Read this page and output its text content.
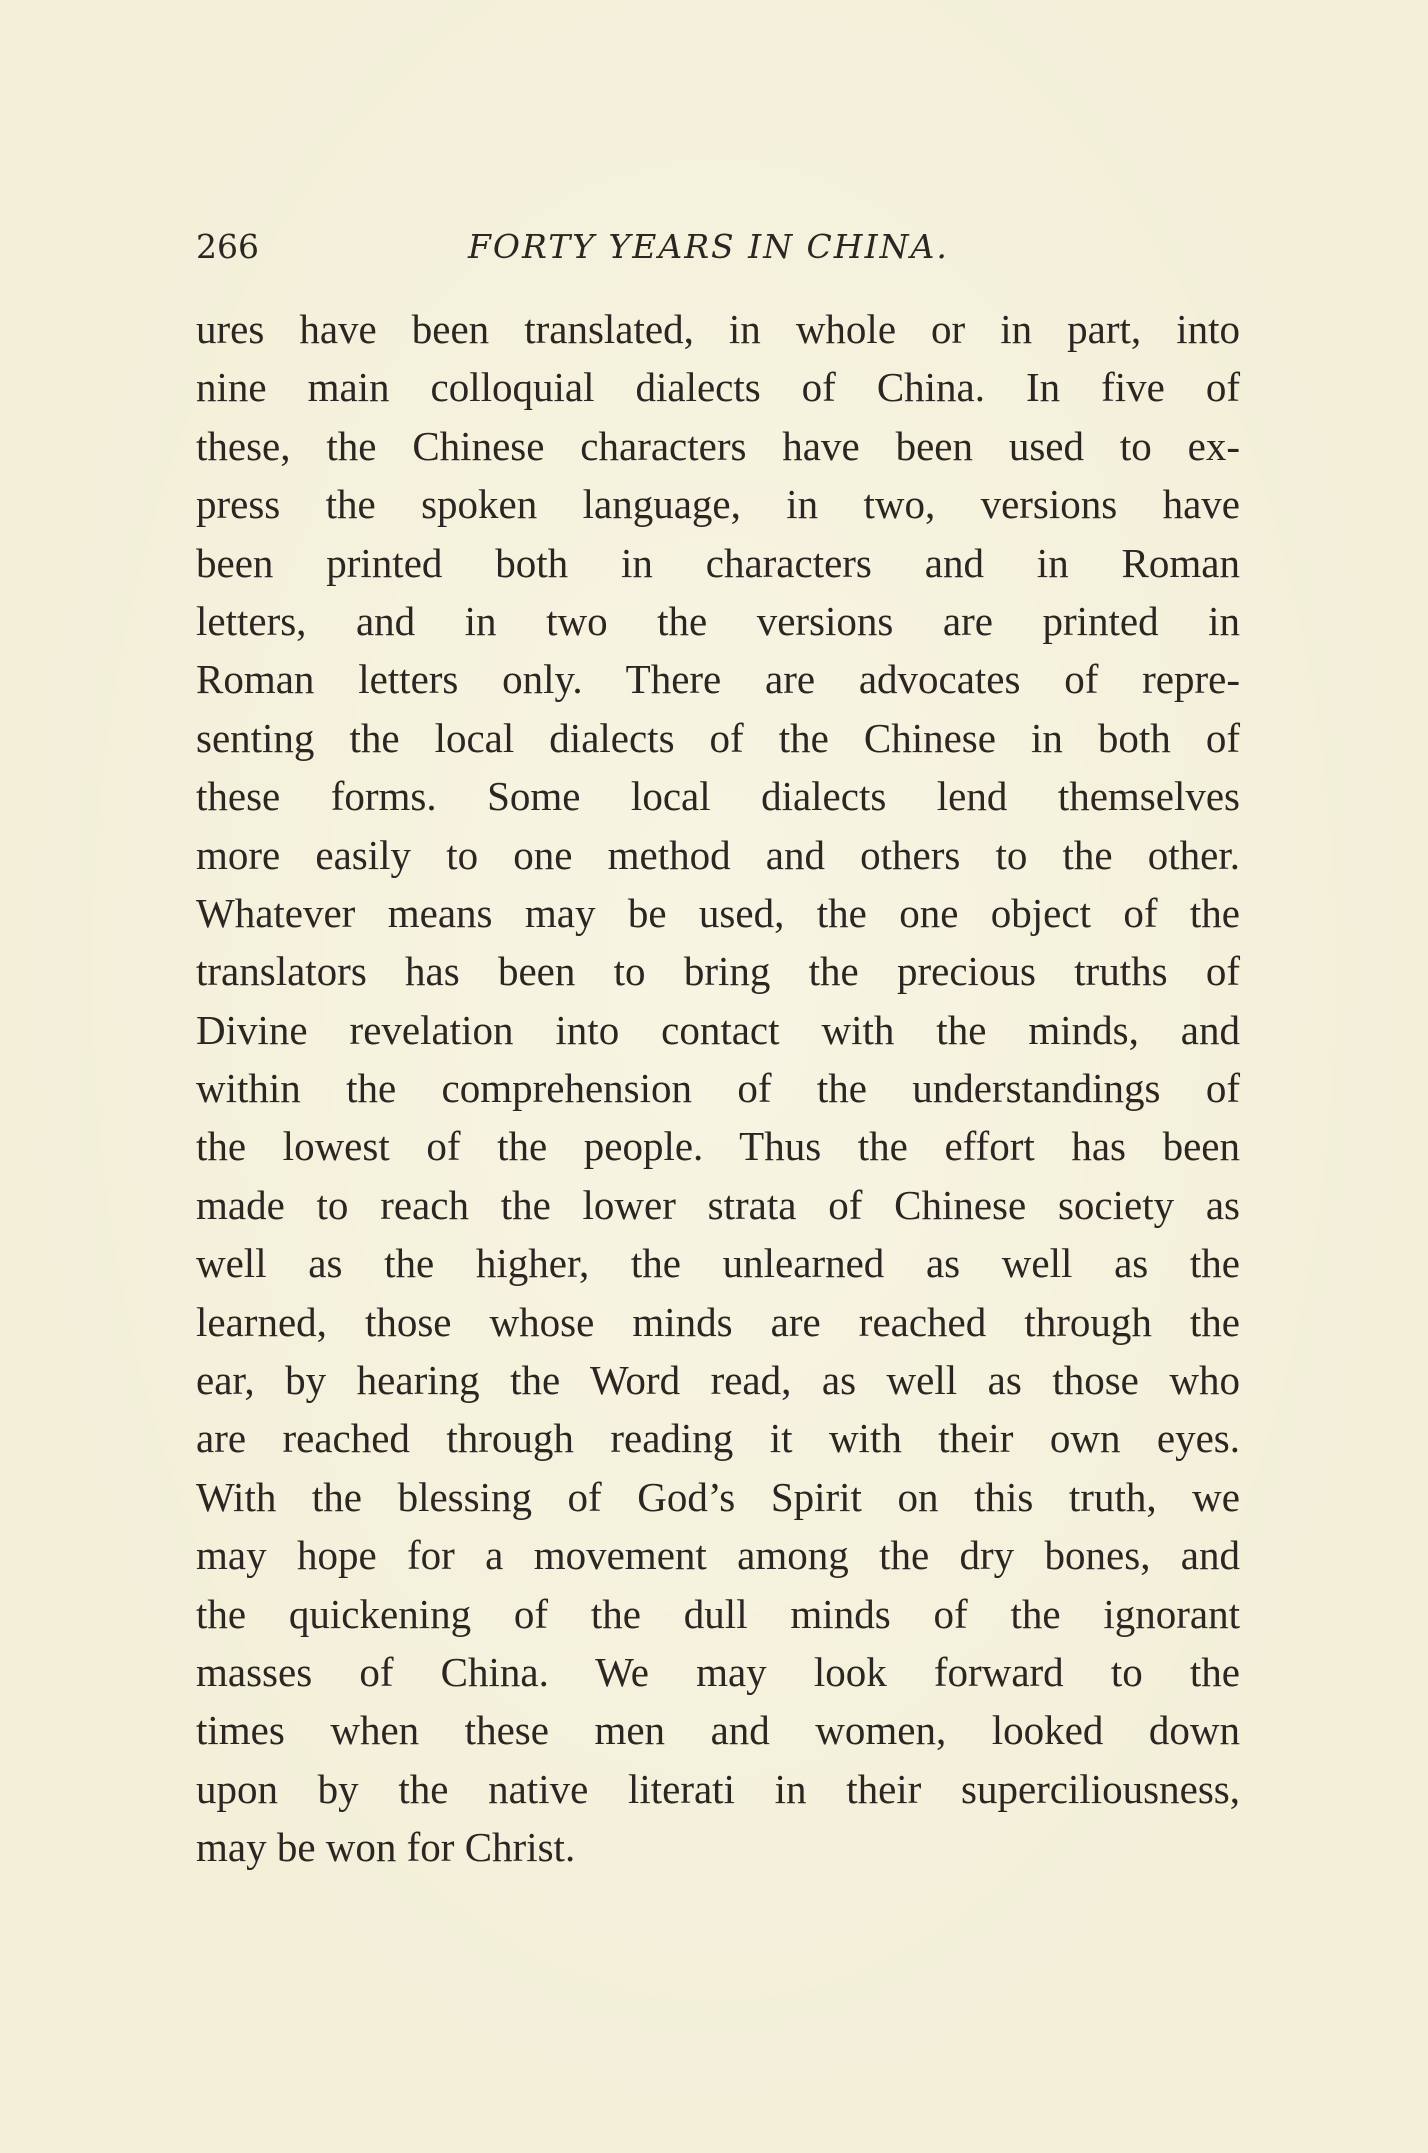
266	FORTY YEARS IN CHINA.
ures have been translated, in whole or in part, into
nine main colloquial dialects of China. In five of
these, the Chinese characters have been used to ex-
press the spoken language, in two, versions have
been printed both in characters and in Roman
letters, and in two the versions are printed in
Roman letters only. There are advocates of repre-
senting the local dialects of the Chinese in both of
these forms. Some local dialects lend themselves
more easily to one method and others to the other.
Whatever means may be used, the one object of the
translators has been to bring the precious truths of
Divine revelation into contact with the minds, and
within the comprehension of the understandings of
the lowest of the people. Thus the effort has been
made to reach the lower strata of Chinese society as
well as the higher, the unlearned as well as the
learned, those whose minds are reached through the
ear, by hearing the Word read, as well as those who
are reached through reading it with their own eyes.
With the blessing of God’s Spirit on this truth, we
may hope for a movement among the dry bones, and
the quickening of the dull minds of the ignorant
masses of China. We may look forward to the
times when these men and women, looked down
upon by the native literati in their superciliousness,
may be won for Christ.
